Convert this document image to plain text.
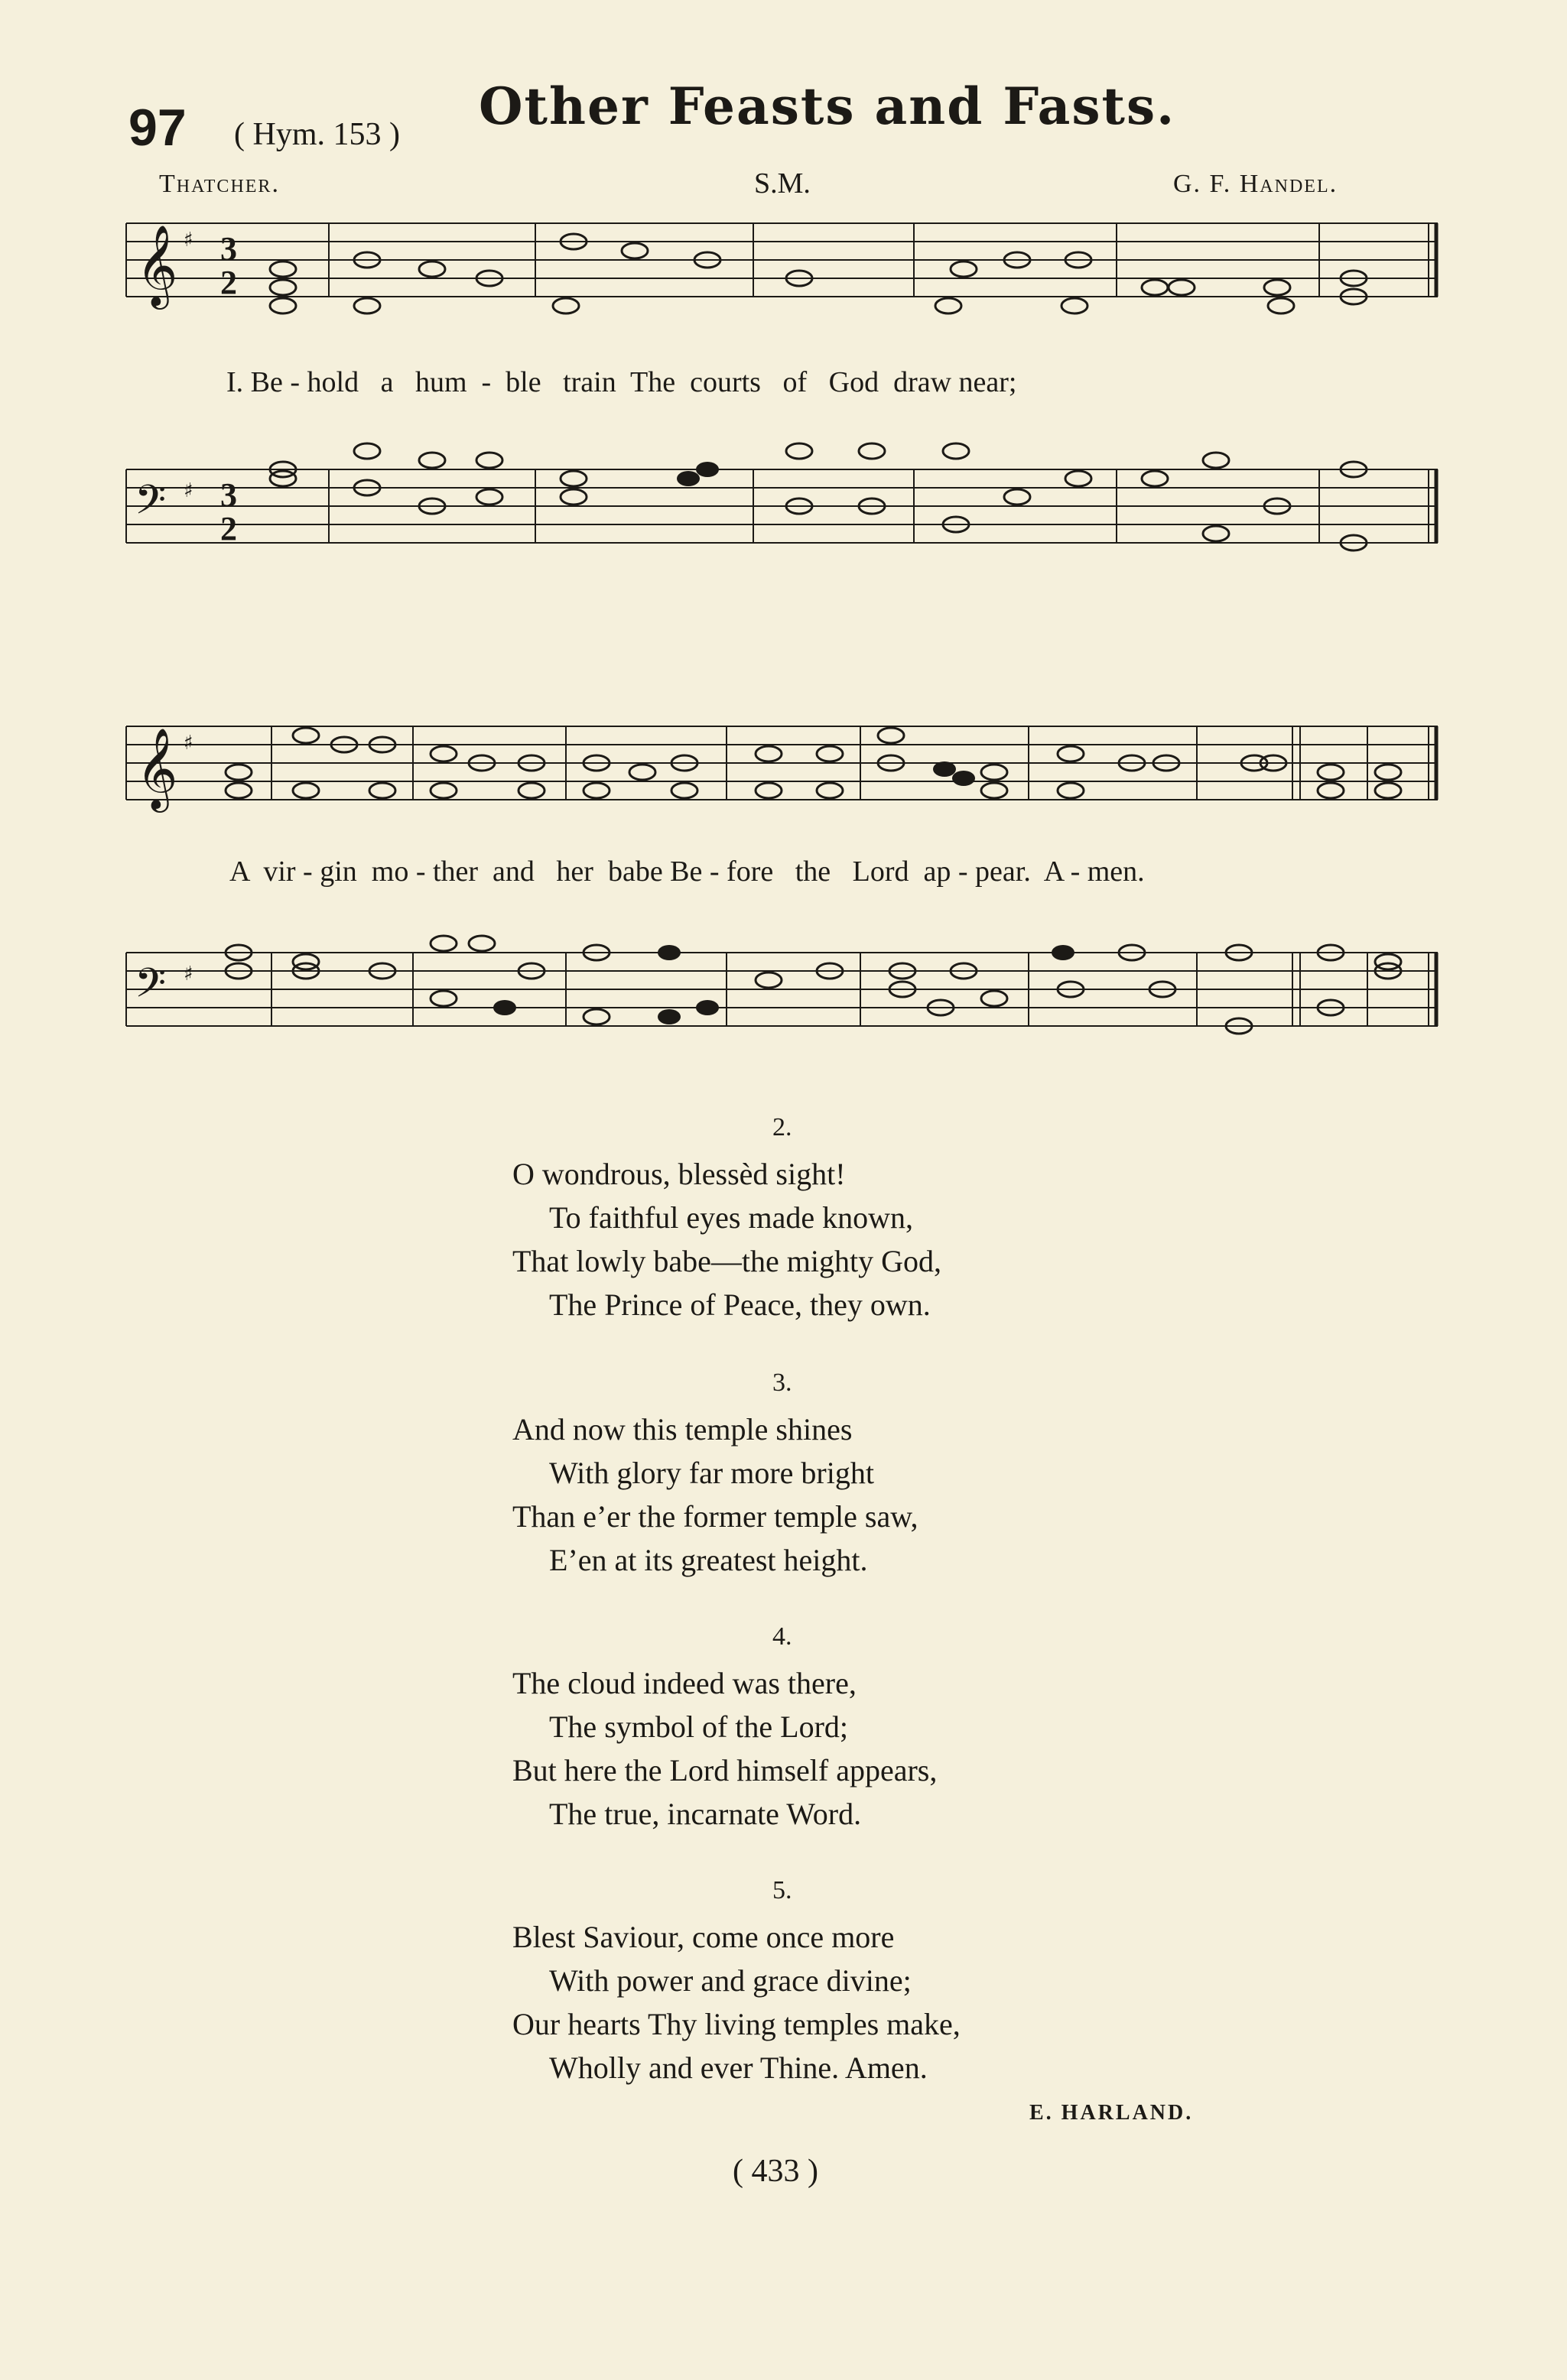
97 ( Hym. 153 ) Other Feasts and Fasts.
Thatcher.	S.M.	G. F. Handel.
𝄞 ♯ 3
2
𝄢 ♯ 3
2
𝄞 ♯
𝄢 ♯
I. Be - hold   a   hum  -  ble   train  The  courts   of   God  draw near;
A  vir - gin  mo - ther  and   her  babe Be - fore   the   Lord  ap - pear.  A - men.
2.
O wondrous, blessèd sight!
To faithful eyes made known,
That lowly babe—the mighty God,
The Prince of Peace, they own.
3.
And now this temple shines
With glory far more bright
Than e’er the former temple saw,
E’en at its greatest height.
4.
The cloud indeed was there,
The symbol of the Lord;
But here the Lord himself appears,
The true, incarnate Word.
5.
Blest Saviour, come once more
With power and grace divine;
Our hearts Thy living temples make,
Wholly and ever Thine. Amen.
E. HARLAND.
( 433 )
